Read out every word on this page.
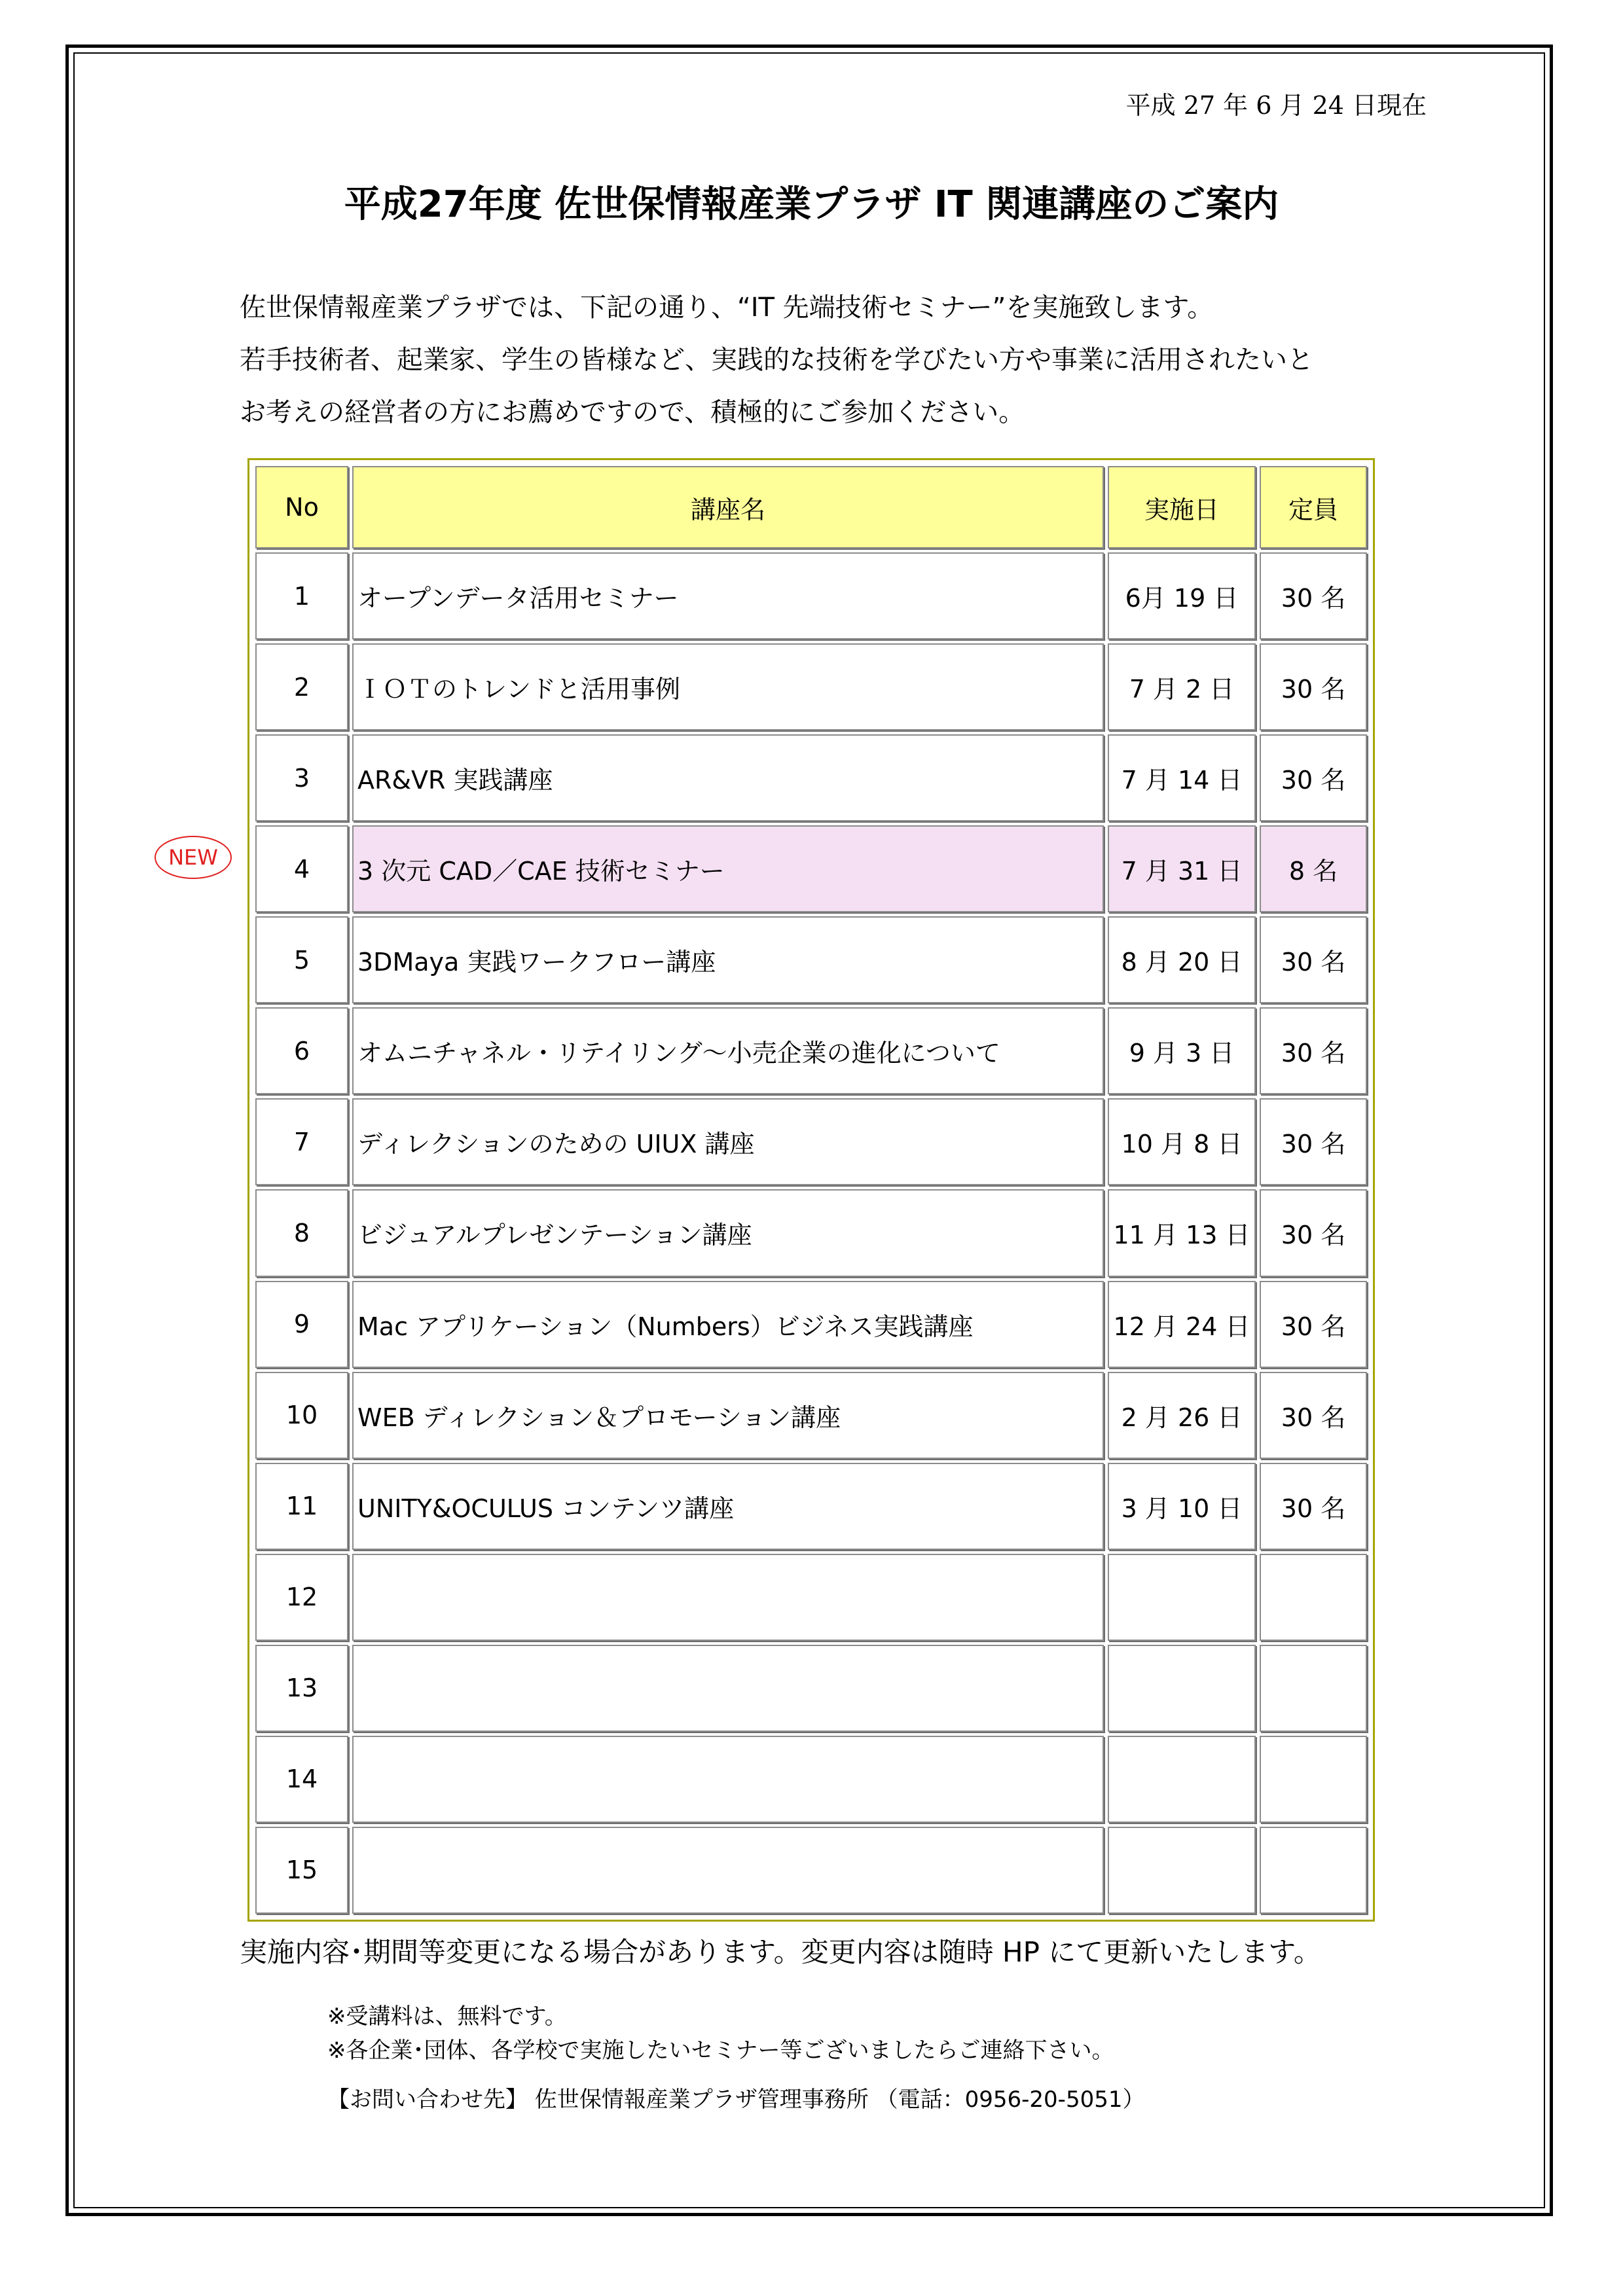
平成 27 年 6 月 24 日現在
平成27年度 佐世保情報産業プラザ IT 関連講座のご案内
佐世保情報産業プラザでは、下記の通り、“IT 先端技術セミナー”を実施致します。
若手技術者、起業家、学生の皆様など、実践的な技術を学びたい方や事業に活用されたいと
お考えの経営者の方にお薦めですので、積極的にご参加ください。
NEW
No	講座名	実施日	定員
1	オープンデータ活用セミナー	6月 19 日	30 名
2	ＩＯＴのトレンドと活用事例	7 月 2 日	30 名
3	AR&VR 実践講座	7 月 14 日	30 名
4	3 次元 CAD／CAE 技術セミナー	7 月 31 日	8 名
5	3DMaya 実践ワークフロー講座	8 月 20 日	30 名
6	オムニチャネル・リテイリング～小売企業の進化について	9 月 3 日	30 名
7	ディレクションのための UIUX 講座	10 月 8 日	30 名
8	ビジュアルプレゼンテーション講座	11 月 13 日	30 名
9	Mac アプリケーション（Numbers）ビジネス実践講座	12 月 24 日	30 名
10	WEB ディレクション＆プロモーション講座	2 月 26 日	30 名
11	UNITY&OCULUS コンテンツ講座	3 月 10 日	30 名
12			
13			
14			
15			
実施内容･期間等変更になる場合があります。変更内容は随時 HP にて更新いたします。
※受講料は、無料です。
※各企業･団体、各学校で実施したいセミナー等ございましたらご連絡下さい。
【お問い合わせ先】 佐世保情報産業プラザ管理事務所 （電話：0956-20-5051）
